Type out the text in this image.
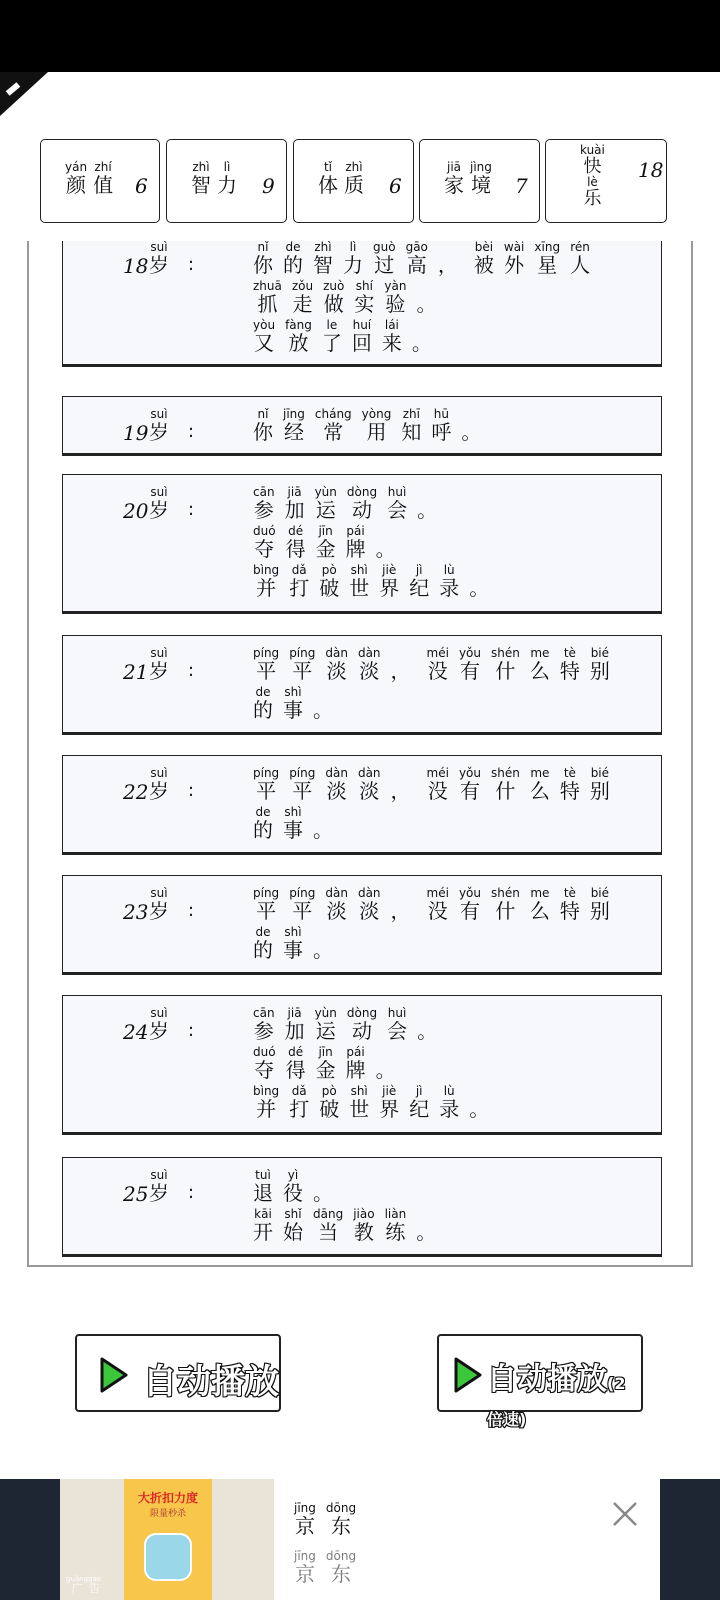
yán
颜
zhí
值 6
zhì
智
lì
力 9
tǐ
体
zhì
质 6
jiā
家
jìng
境 7
kuài
快
lè
乐
18
18
suì
岁 :
nǐ
你
de
的
zhì
智
lì
力
guò
过
gāo
高
，
bèi
被
wài
外
xīng
星
rén
人
zhuā
抓
zǒu
走
zuò
做
shí
实
yàn
验
。
yòu
又
fàng
放
le
了
huí
回
lái
来
。
19
suì
岁 :
nǐ
你
jīng
经
cháng
常
yòng
用
zhī
知
hū
呼
。
20
suì
岁 :
cān
参
jiā
加
yùn
运
dòng
动
huì
会
。
duó
夺
dé
得
jīn
金
pái
牌
。
bìng
并
dǎ
打
pò
破
shì
世
jiè
界
jì
纪
lù
录
。
21
suì
岁 :
píng
平
píng
平
dàn
淡
dàn
淡
，
méi
没
yǒu
有
shén
什
me
么
tè
特
bié
别
de
的
shì
事
。
22
suì
岁 :
píng
平
píng
平
dàn
淡
dàn
淡
，
méi
没
yǒu
有
shén
什
me
么
tè
特
bié
别
de
的
shì
事
。
23
suì
岁 :
píng
平
píng
平
dàn
淡
dàn
淡
，
méi
没
yǒu
有
shén
什
me
么
tè
特
bié
别
de
的
shì
事
。
24
suì
岁 :
cān
参
jiā
加
yùn
运
dòng
动
huì
会
。
duó
夺
dé
得
jīn
金
pái
牌
。
bìng
并
dǎ
打
pò
破
shì
世
jiè
界
jì
纪
lù
录
。
25
suì
岁 :
tuì
退
yì
役
。
kāi
开
shǐ
始
dāng
当
jiào
教
liàn
练
。
自动播放	自动播放(2倍速)
大折扣力度
限量秒杀
guǎng
广
gào
告
jīng
京
dōng
东
jīng
京
dōng
东
